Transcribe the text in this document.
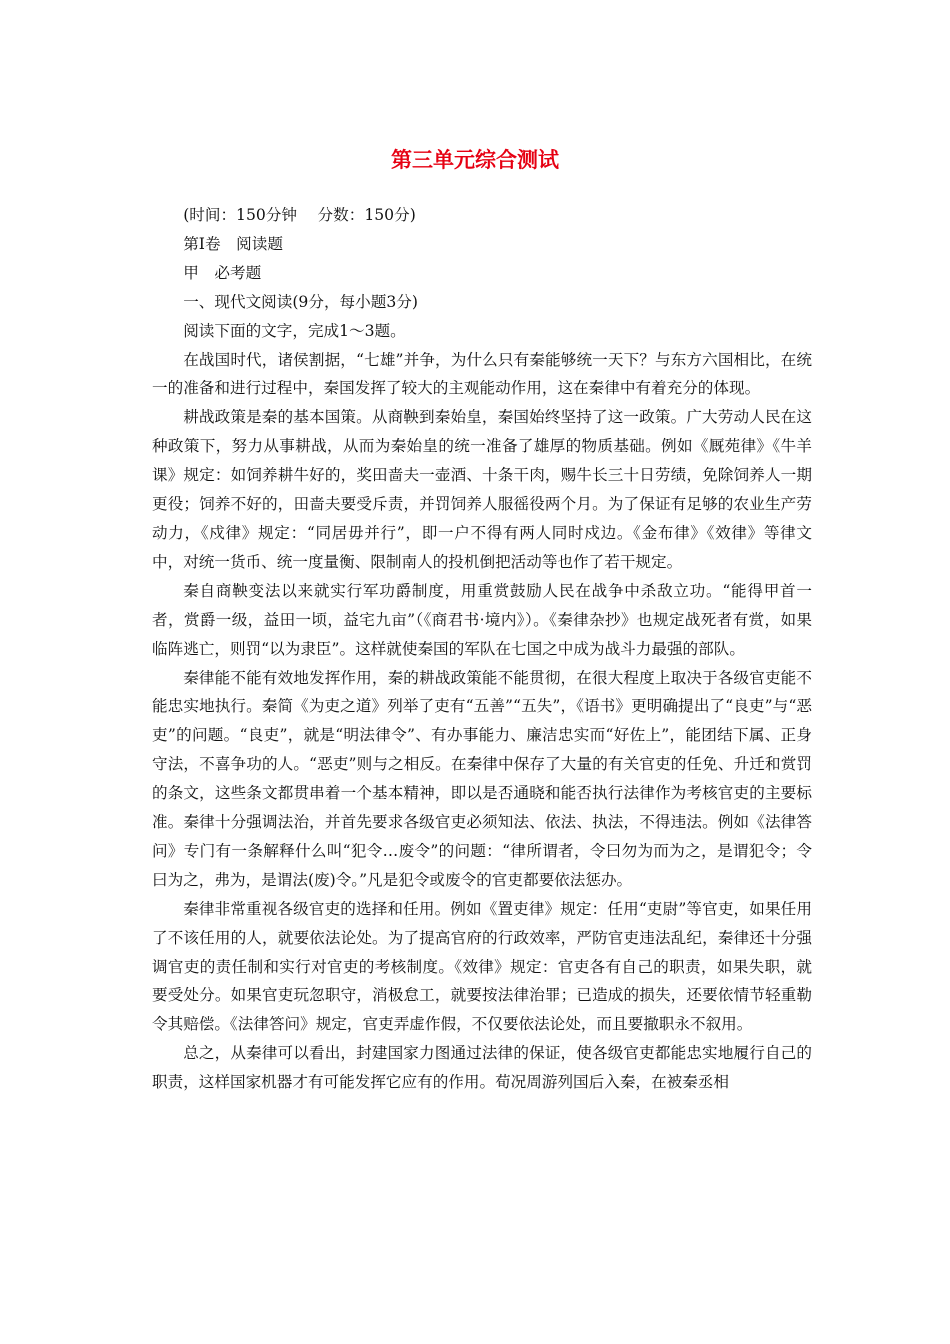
第三单元综合测试

(时间：150分钟　 分数：150分)

第Ⅰ卷　阅读题

甲　必考题

一、现代文阅读(9分，每小题3分)

阅读下面的文字，完成1～3题。

在战国时代，诸侯割据，“七雄”并争，为什么只有秦能够统一天下？与东方六国相比，在统一的准备和进行过程中，秦国发挥了较大的主观能动作用，这在秦律中有着充分的体现。

耕战政策是秦的基本国策。从商鞅到秦始皇，秦国始终坚持了这一政策。广大劳动人民在这种政策下，努力从事耕战，从而为秦始皇的统一准备了雄厚的物质基础。例如《厩苑律》《牛羊课》规定：如饲养耕牛好的，奖田啬夫一壶酒、十条干肉，赐牛长三十日劳绩，免除饲养人一期更役；饲养不好的，田啬夫要受斥责，并罚饲养人服徭役两个月。为了保证有足够的农业生产劳动力，《戍律》规定：“同居毋并行”，即一户不得有两人同时戍边。《金布律》《效律》等律文中，对统一货币、统一度量衡、限制南人的投机倒把活动等也作了若干规定。

秦自商鞅变法以来就实行军功爵制度，用重赏鼓励人民在战争中杀敌立功。“能得甲首一者，赏爵一级，益田一顷，益宅九亩”（《商君书·境内》）。《秦律杂抄》也规定战死者有赏，如果临阵逃亡，则罚“以为隶臣”。这样就使秦国的军队在七国之中成为战斗力最强的部队。

秦律能不能有效地发挥作用，秦的耕战政策能不能贯彻，在很大程度上取决于各级官吏能不能忠实地执行。秦简《为吏之道》列举了吏有“五善”“五失”，《语书》更明确提出了“良吏”与“恶吏”的问题。“良吏”，就是“明法律令”、有办事能力、廉洁忠实而“好佐上”，能团结下属、正身守法，不喜争功的人。“恶吏”则与之相反。在秦律中保存了大量的有关官吏的任免、升迁和赏罚的条文，这些条文都贯串着一个基本精神，即以是否通晓和能否执行法律作为考核官吏的主要标准。秦律十分强调法治，并首先要求各级官吏必须知法、依法、执法，不得违法。例如《法律答问》专门有一条解释什么叫“犯令…废令”的问题：“律所谓者，令曰勿为而为之，是谓犯令；令曰为之，弗为，是谓法(废)令。”凡是犯令或废令的官吏都要依法惩办。

秦律非常重视各级官吏的选择和任用。例如《置吏律》规定：任用“吏尉”等官吏，如果任用了不该任用的人，就要依法论处。为了提高官府的行政效率，严防官吏违法乱纪，秦律还十分强调官吏的责任制和实行对官吏的考核制度。《效律》规定：官吏各有自己的职责，如果失职，就要受处分。如果官吏玩忽职守，消极怠工，就要按法律治罪；已造成的损失，还要依情节轻重勒令其赔偿。《法律答问》规定，官吏弄虚作假，不仅要依法论处，而且要撤职永不叙用。

总之，从秦律可以看出，封建国家力图通过法律的保证，使各级官吏都能忠实地履行自己的职责，这样国家机器才有可能发挥它应有的作用。荀况周游列国后入秦，在被秦丞相
